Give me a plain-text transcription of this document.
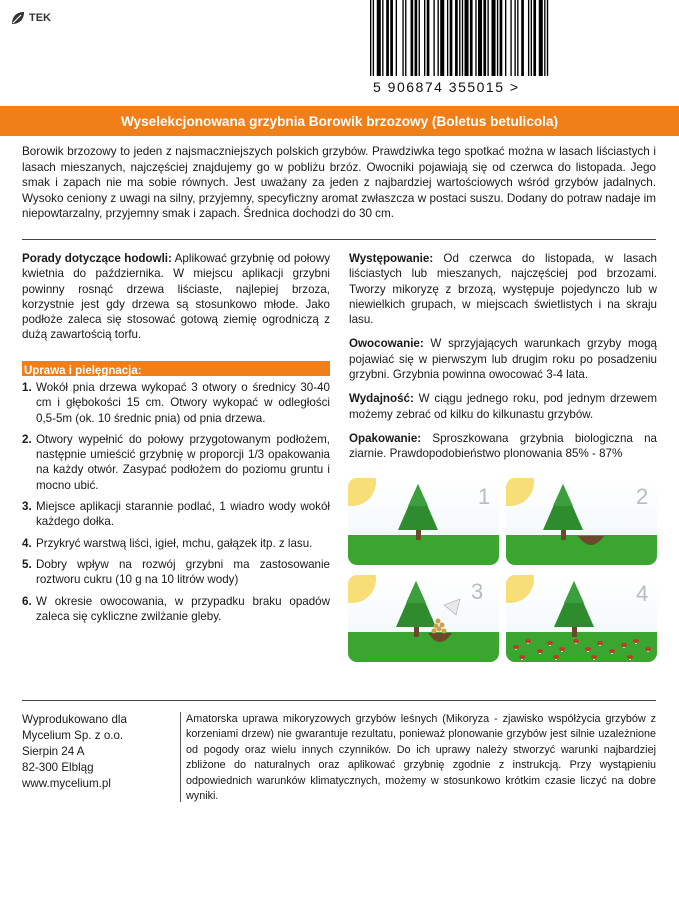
TEK
5 906874 355015 >
Wyselekcjonowana grzybnia Borowik brzozowy (Boletus betulicola)
Borowik brzozowy to jeden z najsmaczniejszych polskich grzybów. Prawdziwka tego spotkać można w lasach liściastych i lasach mieszanych, najczęściej znajdujemy go w pobliżu brzóz. Owocniki pojawiają się od czerwca do listopada. Jego smak i zapach nie ma sobie równych. Jest uważany za jeden z najbardziej wartościowych wśród grzybów jadalnych. Wysoko ceniony z uwagi na silny, przyjemny, specyficzny aromat zwłaszcza w postaci suszu. Dodany do potraw nadaje im niepowtarzalny, przyjemny smak i zapach. Średnica dochodzi do 30 cm.
Porady dotyczące hodowli: Aplikować grzybnię od połowy kwietnia do października. W miejscu aplikacji grzybni powinny rosnąć drzewa liściaste, najlepiej brzoza, korzystnie jest gdy drzewa są stosunkowo młode. Jako podłoże zaleca się stosować gotową ziemię ogrodniczą z dużą zawartością torfu.
Uprawa i pielęgnacja:
1. Wokół pnia drzewa wykopać 3 otwory o średnicy 30-40 cm i głębokości 15 cm. Otwory wykopać w odległości 0,5-5m (ok. 10 średnic pnia) od pnia drzewa.
2. Otwory wypełnić do połowy przygotowanym podłożem, następnie umieścić grzybnię w proporcji 1/3 opakowania na każdy otwór. Zasypać podłożem do poziomu gruntu i mocno ubić.
3. Miejsce aplikacji starannie podlać, 1 wiadro wody wokół każdego dołka.
4. Przykryć warstwą liści, igieł, mchu, gałązek itp. z lasu.
5. Dobry wpływ na rozwój grzybni ma zastosowanie roztworu cukru (10 g na 10 litrów wody)
6. W okresie owocowania, w przypadku braku opadów zaleca się cykliczne zwilżanie gleby.

Występowanie: Od czerwca do listopada, w lasach liściastych lub mieszanych, najczęściej pod brzozami. Tworzy mikoryzę z brzozą, występuje pojedynczo lub w niewielkich grupach, w miejscach świetlistych i na skraju lasu.

Owocowanie: W sprzyjających warunkach grzyby mogą pojawiać się w pierwszym lub drugim roku po posadzeniu grzybni. Grzybnia powinna owocować 3-4 lata.

Wydajność: W ciągu jednego roku, pod jednym drzewem możemy zebrać od kilku do kilkunastu grzybów.

Opakowanie: Sproszkowana grzybnia biologiczna na ziarnie. Prawdopodobieństwo plonowania 85% - 87%

1	2
3	4
Wyprodukowano dla
Mycelium Sp. z o.o.
Sierpin 24 A
82-300 Elbląg
www.mycelium.pl
Amatorska uprawa mikoryzowych grzybów leśnych (Mikoryza - zjawisko współżycia grzybów z korzeniami drzew) nie gwarantuje rezultatu, ponieważ plonowanie grzybów jest silnie uzależnione od pogody oraz wielu innych czynników. Do ich uprawy należy stworzyć warunki najbardziej zbliżone do naturalnych oraz aplikować grzybnię zgodnie z instrukcją. Przy wystąpieniu odpowiednich warunków klimatycznych, możemy w stosunkowo krótkim czasie liczyć na dobre wyniki.
